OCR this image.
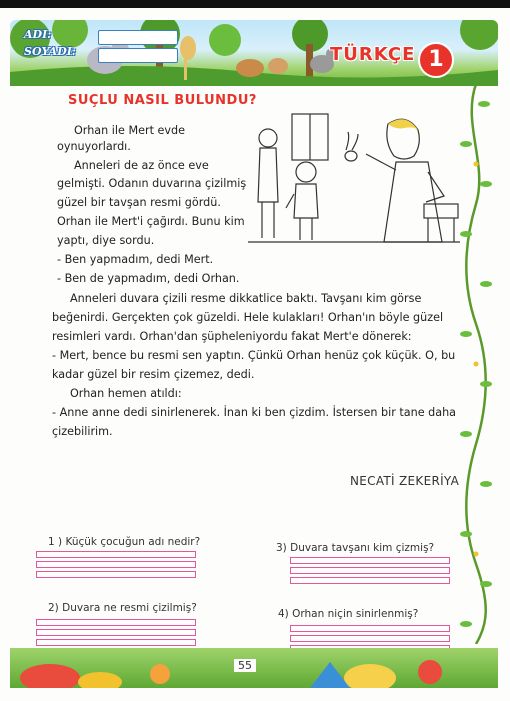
ADI:
SOYADI:	TÜRKÇE 1
SUÇLU NASIL BULUNDU?
Orhan ile Mert evde
oynuyorlardı.
Anneleri de az önce eve
gelmişti. Odanın duvarına çizilmiş
güzel bir tavşan resmi gördü.
Orhan ile Mert'i çağırdı. Bunu kim
yaptı, diye sordu.
- Ben yapmadım, dedi Mert.
- Ben de yapmadım, dedi Orhan.
Anneleri duvara çizili resme dikkatlice baktı. Tavşanı kim görse
beğenirdi. Gerçekten çok güzeldi. Hele kulakları! Orhan'ın böyle güzel
resimleri vardı. Orhan'dan şüpheleniyordu fakat Mert'e dönerek:
- Mert, bence bu resmi sen yaptın. Çünkü Orhan henüz çok küçük. O, bu
kadar güzel bir resim çizemez, dedi.
Orhan hemen atıldı:
- Anne anne dedi sinirlenerek. İnan ki ben çizdim. İstersen bir tane daha
çizebilirim.
NECATİ ZEKERİYA
1 ) Küçük çocuğun adı nedir?	3) Duvara tavşanı kim çizmiş?
2) Duvara ne resmi çizilmiş?	4) Orhan niçin sinirlenmiş?
55
